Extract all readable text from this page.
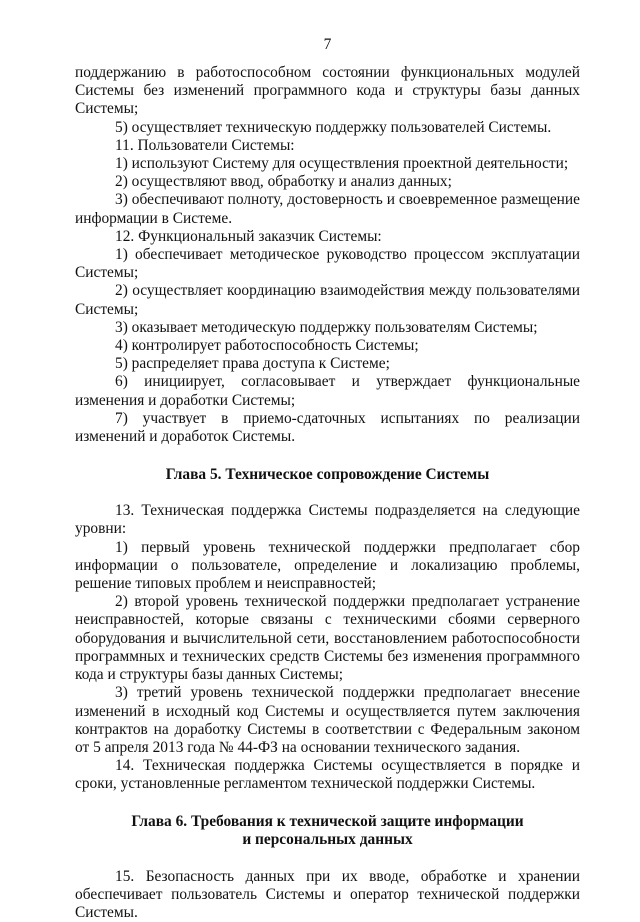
7

поддержанию в работоспособном состоянии функциональных модулей Системы без изменений программного кода и структуры базы данных Системы;

5) осуществляет техническую поддержку пользователей Системы.

11. Пользователи Системы:

1) используют Систему для осуществления проектной деятельности;

2) осуществляют ввод, обработку и анализ данных;

3) обеспечивают полноту, достоверность и своевременное размещение информации в Системе.

12. Функциональный заказчик Системы:

1) обеспечивает методическое руководство процессом эксплуатации Системы;

2) осуществляет координацию взаимодействия между пользователями Системы;

3) оказывает методическую поддержку пользователям Системы;

4) контролирует работоспособность Системы;

5) распределяет права доступа к Системе;

6) инициирует, согласовывает и утверждает функциональные изменения и доработки Системы;

7) участвует в приемо-сдаточных испытаниях по реализации изменений и доработок Системы.

Глава 5. Техническое сопровождение Системы

13. Техническая поддержка Системы подразделяется на следующие уровни:

1) первый уровень технической поддержки предполагает сбор информации о пользователе, определение и локализацию проблемы, решение типовых проблем и неисправностей;

2) второй уровень технической поддержки предполагает устранение неисправностей, которые связаны с техническими сбоями серверного оборудования и вычислительной сети, восстановлением работоспособности программных и технических средств Системы без изменения программного кода и структуры базы данных Системы;

3) третий уровень технической поддержки предполагает внесение изменений в исходный код Системы и осуществляется путем заключения контрактов на доработку Системы в соответствии с Федеральным законом от 5 апреля 2013 года № 44-ФЗ на основании технического задания.

14. Техническая поддержка Системы осуществляется в порядке и сроки, установленные регламентом технической поддержки Системы.

Глава 6. Требования к технической защите информации
и персональных данных

15. Безопасность данных при их вводе, обработке и хранении обеспечивает пользователь Системы и оператор технической поддержки Системы.
